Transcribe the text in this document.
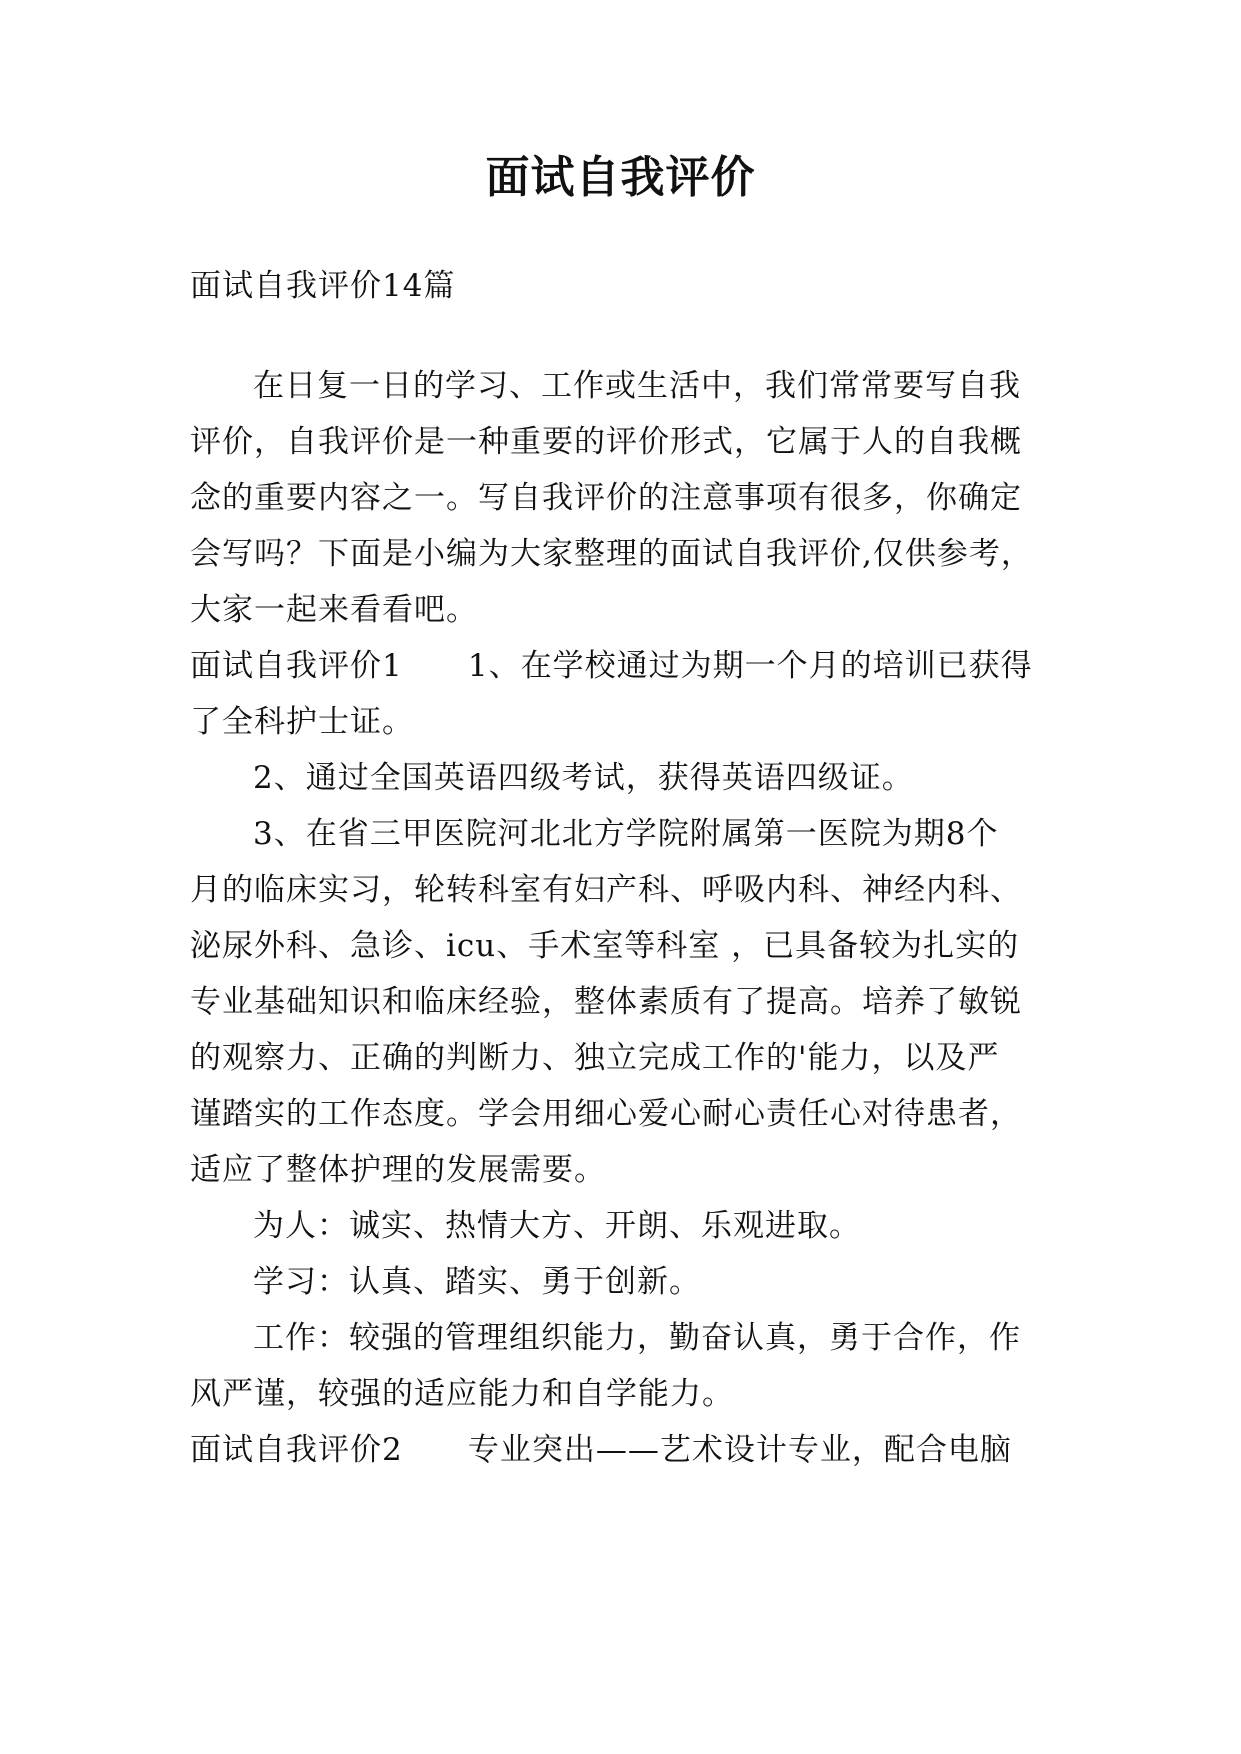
面试自我评价
面试自我评价14篇
在日复一日的学习、工作或生活中，我们常常要写自我
评价，自我评价是一种重要的评价形式，它属于人的自我概
念的重要内容之一。写自我评价的注意事项有很多，你确定
会写吗？下面是小编为大家整理的面试自我评价,仅供参考，
大家一起来看看吧。
面试自我评价1      1、在学校通过为期一个月的培训已获得
了全科护士证。
2、通过全国英语四级考试，获得英语四级证。
3、在省三甲医院河北北方学院附属第一医院为期8个
月的临床实习，轮转科室有妇产科、呼吸内科、神经内科、
泌尿外科、急诊、icu、手术室等科室 ，已具备较为扎实的
专业基础知识和临床经验，整体素质有了提高。培养了敏锐
的观察力、正确的判断力、独立完成工作的'能力，以及严
谨踏实的工作态度。学会用细心爱心耐心责任心对待患者，
适应了整体护理的发展需要。
为人：诚实、热情大方、开朗、乐观进取。
学习：认真、踏实、勇于创新。
工作：较强的管理组织能力，勤奋认真，勇于合作，作
风严谨，较强的适应能力和自学能力。
面试自我评价2      专业突出——艺术设计专业，配合电脑
